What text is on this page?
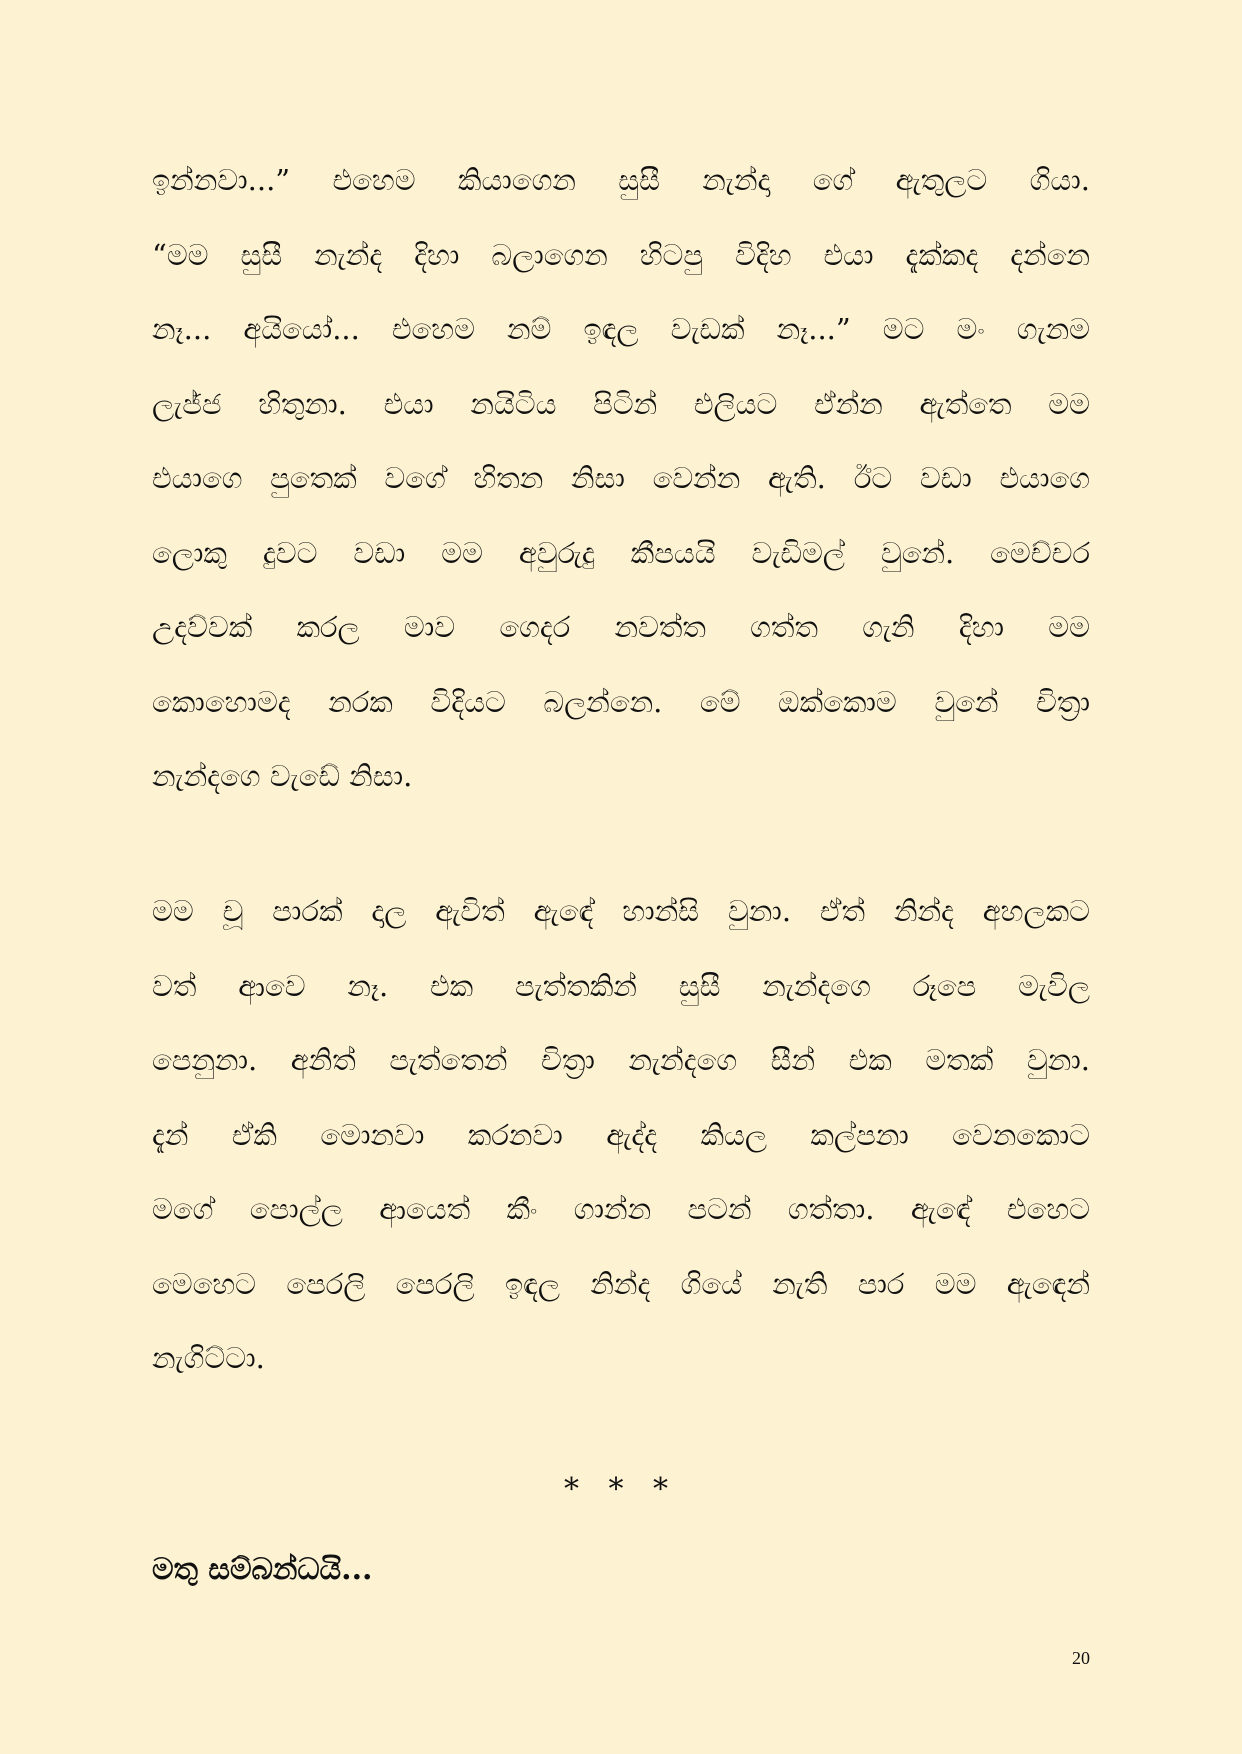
ඉන්නවා...” එහෙම කියාගෙන සුසී නැන්දා ගේ ඇතුලට ගියා.
“මම සුසී නැන්ද දිහා බලාගෙන හිටපු විදිහ එයා දැක්කද දන්නෙ
නෑ... අයියෝ... එහෙම නම් ඉඳල වැඩක් නෑ...” මට මං ගැනම
ලැජ්ජ හිතුනා. එයා නයිටිය පිටින් එලියට ඒන්න ඇත්තෙ මම
එයාගෙ පුතෙක් වගේ හිතන නිසා වෙන්න ඇති. ඊට වඩා එයාගෙ
ලොකු දුවට වඩා මම අවුරුදු කීපයයි වැඩිමල් වුනේ. මෙච්චර
උදව්වක් කරල මාව ගෙදර නවත්ත ගත්ත ගැනි දිහා මම
කොහොමද නරක විදියට බලන්නෙ. මේ ඔක්කොම වුනේ චිත්‍රා
නැන්දගෙ වැඩේ නිසා.
මම චූ පාරක් දාල ඇවිත් ඇඳේ හාන්සි වුනා. ඒත් නින්ද අහලකට
වත් ආවෙ නෑ. එක පැත්තකින් සුසී නැන්දගෙ රූපෙ මැවිල
පෙනුනා. අනිත් පැත්තෙන් චිත්‍රා නැන්දගෙ සීන් එක මතක් වුනා.
දැන් ඒකි මොනවා කරනවා ඇද්ද කියල කල්පනා වෙනකොට
මගේ පොල්ල ආයෙත් කීං ගාන්න පටන් ගත්තා. ඇඳේ එහෙට
මෙහෙට පෙරලි පෙරලි ඉඳල නින්ද ගියේ නැති පාර මම ඇඳෙන්
නැගිට්ටා.
* * *
මතු සම්බන්ධයි...
20
